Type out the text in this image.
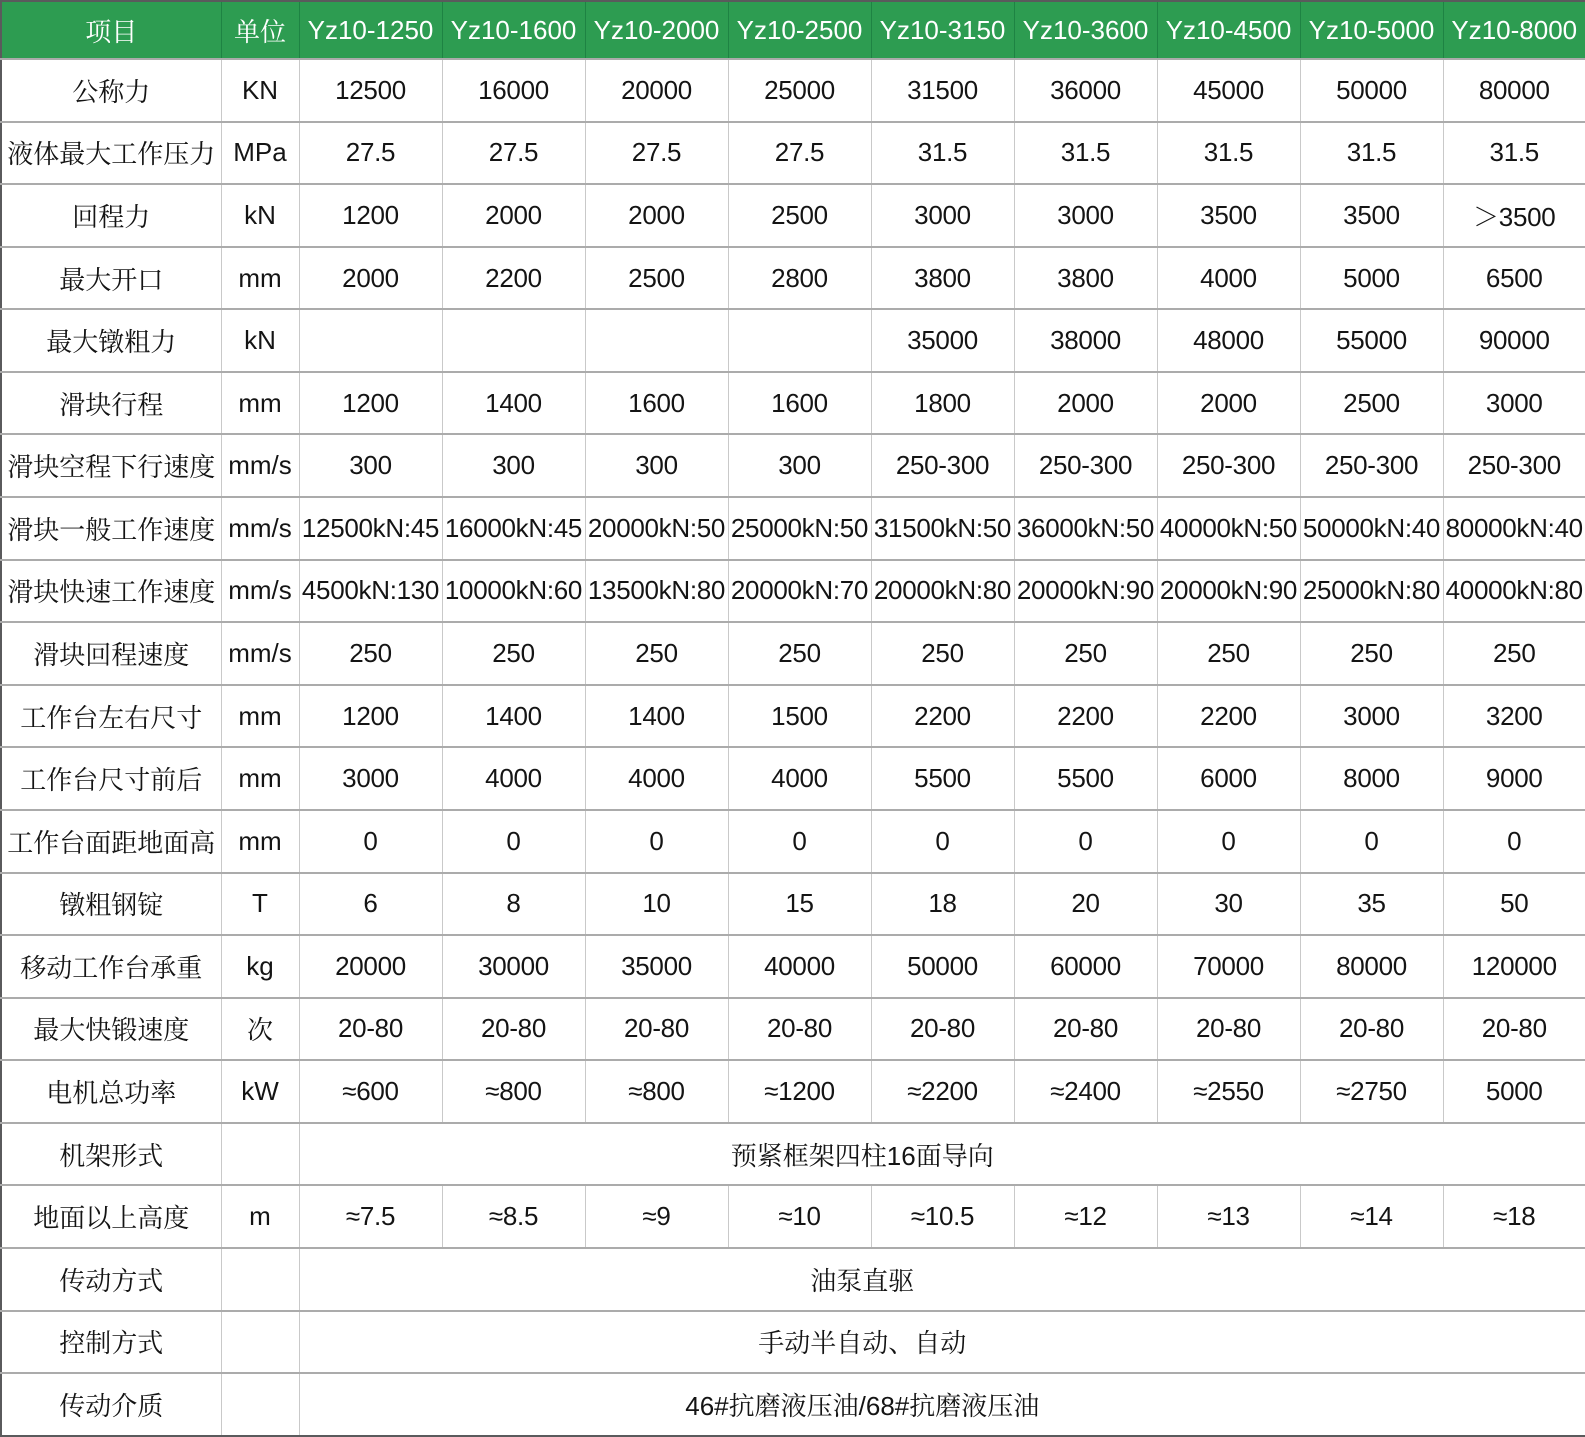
项目	单位	Yz10-1250	Yz10-1600	Yz10-2000	Yz10-2500	Yz10-3150	Yz10-3600	Yz10-4500	Yz10-5000	Yz10-8000
公称力	KN	12500	16000	20000	25000	31500	36000	45000	50000	80000
液体最大工作压力	MPa	27.5	27.5	27.5	27.5	31.5	31.5	31.5	31.5	31.5
回程力	kN	1200	2000	2000	2500	3000	3000	3500	3500	＞3500
最大开口	mm	2000	2200	2500	2800	3800	3800	4000	5000	6500
最大镦粗力	kN					35000	38000	48000	55000	90000
滑块行程	mm	1200	1400	1600	1600	1800	2000	2000	2500	3000
滑块空程下行速度	mm/s	300	300	300	300	250-300	250-300	250-300	250-300	250-300
滑块一般工作速度	mm/s	12500kN:45	16000kN:45	20000kN:50	25000kN:50	31500kN:50	36000kN:50	40000kN:50	50000kN:40	80000kN:40
滑块快速工作速度	mm/s	4500kN:130	10000kN:60	13500kN:80	20000kN:70	20000kN:80	20000kN:90	20000kN:90	25000kN:80	40000kN:80
滑块回程速度	mm/s	250	250	250	250	250	250	250	250	250
工作台左右尺寸	mm	1200	1400	1400	1500	2200	2200	2200	3000	3200
工作台尺寸前后	mm	3000	4000	4000	4000	5500	5500	6000	8000	9000
工作台面距地面高	mm	0	0	0	0	0	0	0	0	0
镦粗钢锭	T	6	8	10	15	18	20	30	35	50
移动工作台承重	kg	20000	30000	35000	40000	50000	60000	70000	80000	120000
最大快锻速度	次	20-80	20-80	20-80	20-80	20-80	20-80	20-80	20-80	20-80
电机总功率	kW	≈600	≈800	≈800	≈1200	≈2200	≈2400	≈2550	≈2750	5000
机架形式		预紧框架四柱16面导向								
地面以上高度	m	≈7.5	≈8.5	≈9	≈10	≈10.5	≈12	≈13	≈14	≈18
传动方式		油泵直驱								
控制方式		手动半自动、自动								
传动介质		46#抗磨液压油/68#抗磨液压油								
